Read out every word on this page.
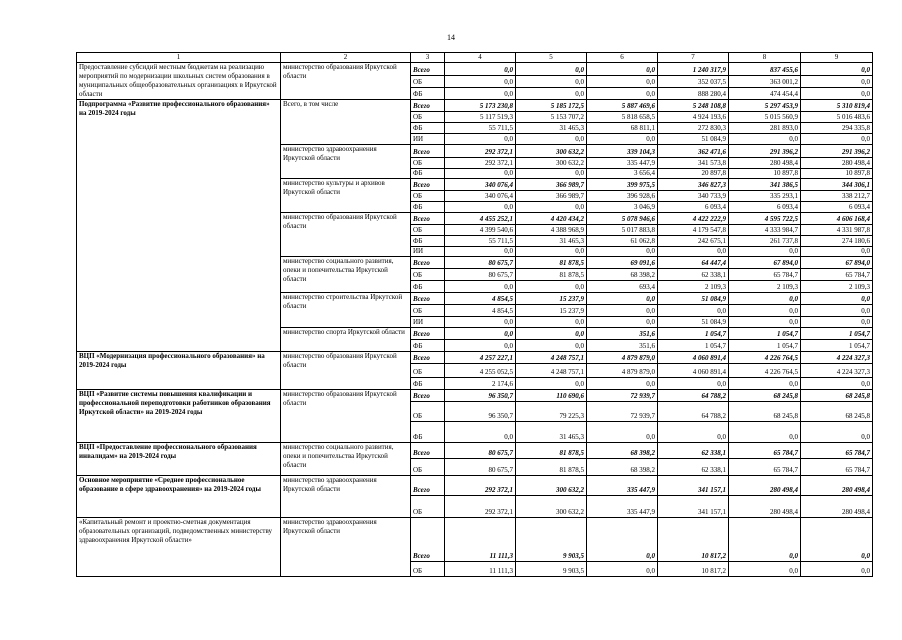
14
1	2	3	4	5	6	7	8	9
Предоставление субсидий местным бюджетам на реализацию мероприятий по модернизации школьных систем образования в муниципальных общеобразовательных организациях в Иркутской области	министерство образования Иркутской области	Всего	0,0	0,0	0,0	1 240 317,9	837 455,6	0,0
		ОБ	0,0	0,0	0,0	352 037,5	363 001,2	0,0
		ФБ	0,0	0,0	0,0	888 280,4	474 454,4	0,0
Подпрограмма «Развитие профессионального образования» на 2019-2024 годы	Всего, в том числе	Всего	5 173 230,8	5 185 172,5	5 887 469,6	5 248 108,8	5 297 453,9	5 310 819,4
		ОБ	5 117 519,3	5 153 707,2	5 818 658,5	4 924 193,6	5 015 560,9	5 016 483,6
		ФБ	55 711,5	31 465,3	68 811,1	272 830,3	281 893,0	294 335,8
		ИИ	0,0	0,0	0,0	51 084,9	0,0	0,0
	министерство здравоохранения Иркутской области	Всего	292 372,1	300 632,2	339 104,3	362 471,6	291 396,2	291 396,2
		ОБ	292 372,1	300 632,2	335 447,9	341 573,8	280 498,4	280 498,4
		ФБ	0,0	0,0	3 656,4	20 897,8	10 897,8	10 897,8
	министерство культуры и архивов Иркутской области	Всего	340 076,4	366 989,7	399 975,5	346 827,3	341 386,5	344 306,1
		ОБ	340 076,4	366 989,7	396 928,6	340 733,9	335 293,1	338 212,7
		ФБ	0,0	0,0	3 046,9	6 093,4	6 093,4	6 093,4
	министерство образования Иркутской области	Всего	4 455 252,1	4 420 434,2	5 078 946,6	4 422 222,9	4 595 722,5	4 606 168,4
		ОБ	4 399 540,6	4 388 968,9	5 017 883,8	4 179 547,8	4 333 984,7	4 331 987,8
		ФБ	55 711,5	31 465,3	61 062,8	242 675,1	261 737,8	274 180,6
		ИИ	0,0	0,0	0,0	0,0	0,0	0,0
	министерство социального развития, опеки и попечительства Иркутской области	Всего	80 675,7	81 878,5	69 091,6	64 447,4	67 894,0	67 894,0
		ОБ	80 675,7	81 878,5	68 398,2	62 338,1	65 784,7	65 784,7
		ФБ	0,0	0,0	693,4	2 109,3	2 109,3	2 109,3
	министерство строительства Иркутской области	Всего	4 854,5	15 237,9	0,0	51 084,9	0,0	0,0
		ОБ	4 854,5	15 237,9	0,0	0,0	0,0	0,0
		ИИ	0,0	0,0	0,0	51 084,9	0,0	0,0
	министерство спорта Иркутской области	Всего	0,0	0,0	351,6	1 054,7	1 054,7	1 054,7
		ФБ	0,0	0,0	351,6	1 054,7	1 054,7	1 054,7
ВЦП «Модернизация профессионального образования» на 2019-2024 годы	министерство образования Иркутской области	Всего	4 257 227,1	4 248 757,1	4 879 879,0	4 060 891,4	4 226 764,5	4 224 327,3
		ОБ	4 255 052,5	4 248 757,1	4 879 879,0	4 060 891,4	4 226 764,5	4 224 327,3
		ФБ	2 174,6	0,0	0,0	0,0	0,0	0,0
ВЦП «Развитие системы повышения квалификации и профессиональной переподготовки работников образования Иркутской области» на 2019-2024 годы	министерство образования Иркутской области	Всего	96 350,7	110 690,6	72 939,7	64 788,2	68 245,8	68 245,8
		ОБ	96 350,7	79 225,3	72 939,7	64 788,2	68 245,8	68 245,8
		ФБ	0,0	31 465,3	0,0	0,0	0,0	0,0
ВЦП «Предоставление профессионального образования инвалидам» на 2019-2024 годы	министерство социального развития, опеки и попечительства Иркутской области	Всего	80 675,7	81 878,5	68 398,2	62 338,1	65 784,7	65 784,7
		ОБ	80 675,7	81 878,5	68 398,2	62 338,1	65 784,7	65 784,7
Основное мероприятие «Среднее профессиональное образование в сфере здравоохранения» на 2019-2024 годы	министерство здравоохранения Иркутской области	Всего	292 372,1	300 632,2	335 447,9	341 157,1	280 498,4	280 498,4
		ОБ	292 372,1	300 632,2	335 447,9	341 157,1	280 498,4	280 498,4
«Капитальный ремонт и проектно-сметная документация образовательных организаций, подведомственных министерству здравоохранения Иркутской области»	министерство здравоохранения Иркутской области	Всего	11 111,3	9 903,5	0,0	10 817,2	0,0	0,0
		ОБ	11 111,3	9 903,5	0,0	10 817,2	0,0	0,0
